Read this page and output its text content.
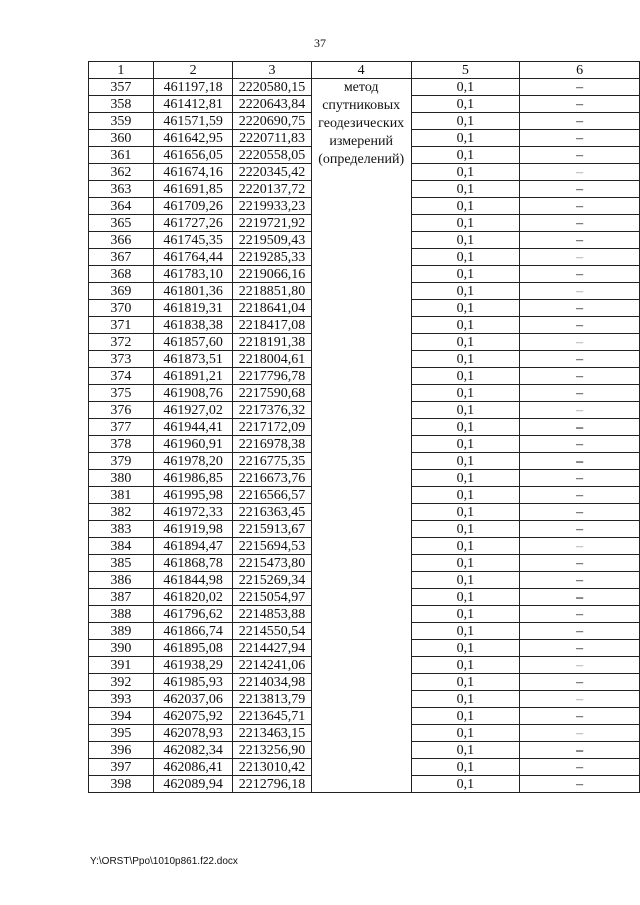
37
1	2	3	4	5	6
357	461197,18	2220580,15	метод
спутниковых
геодезических
измерений
(определений)	0,1	–
358	461412,81	2220643,84		0,1	–
359	461571,59	2220690,75		0,1	–
360	461642,95	2220711,83		0,1	–
361	461656,05	2220558,05		0,1	–
362	461674,16	2220345,42		0,1	–
363	461691,85	2220137,72		0,1	–
364	461709,26	2219933,23		0,1	–
365	461727,26	2219721,92		0,1	–
366	461745,35	2219509,43		0,1	–
367	461764,44	2219285,33		0,1	–
368	461783,10	2219066,16		0,1	–
369	461801,36	2218851,80		0,1	–
370	461819,31	2218641,04		0,1	–
371	461838,38	2218417,08		0,1	–
372	461857,60	2218191,38		0,1	–
373	461873,51	2218004,61		0,1	–
374	461891,21	2217796,78		0,1	–
375	461908,76	2217590,68		0,1	–
376	461927,02	2217376,32		0,1	–
377	461944,41	2217172,09		0,1	–
378	461960,91	2216978,38		0,1	–
379	461978,20	2216775,35		0,1	–
380	461986,85	2216673,76		0,1	–
381	461995,98	2216566,57		0,1	–
382	461972,33	2216363,45		0,1	–
383	461919,98	2215913,67		0,1	–
384	461894,47	2215694,53		0,1	–
385	461868,78	2215473,80		0,1	–
386	461844,98	2215269,34		0,1	–
387	461820,02	2215054,97		0,1	–
388	461796,62	2214853,88		0,1	–
389	461866,74	2214550,54		0,1	–
390	461895,08	2214427,94		0,1	–
391	461938,29	2214241,06		0,1	–
392	461985,93	2214034,98		0,1	–
393	462037,06	2213813,79		0,1	–
394	462075,92	2213645,71		0,1	–
395	462078,93	2213463,15		0,1	–
396	462082,34	2213256,90		0,1	–
397	462086,41	2213010,42		0,1	–
398	462089,94	2212796,18		0,1	–
Y:\ORST\Ppo\1010p861.f22.docx
